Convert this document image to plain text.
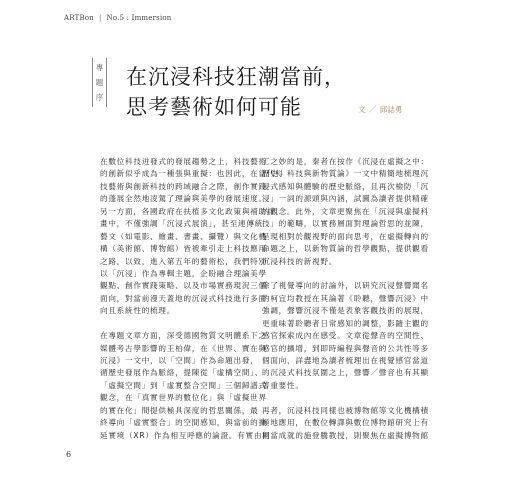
ARTBon | No.5 : Immersion
專
題
序
在沉浸科技狂潮當前，
思考藝術如何可能	文 ／ 邱誌勇
在數位科技迸發式的發展趨勢之上，科技藝術
的創新似乎成為一種張與重擬：也因此，在當代科
技藝術與創新科技的跨域融合之際，創作實踐
的蓬展全然地凌駕了理論與美學的發展速度。
另一方面，各國政府在扶植多文化政策與補助計
畫中，不僅強調「沉浸式展演」，甚至連傳統
藝文（如電影、繪畫、書畫、攝覽）與文化機
構（美術館、博物館）皆被牽引走上科技應用
之路。以致，進入第五年的藝術松，我們特別
以「沉浸」作為專輯主題，企盼融合理論美學
觀點、創作實踐策略、以及市場實務現況三個
面向，對當前漫天蓋地的沉浸式科技進行多面
向且系統性的梳理。
在專題文章方面，深受德國物質文明體系下之
媒體考古學影響的王柏偉，在《世界、寶在與
沉浸》一文中，以「空間」作為命題出發，
循歷史發展作為脈絡，提陳從「虛構空間」、
「虛擬空間」到「虛實整合空間」三個歸譜式
觀念，在「真實世界的數位化」與「虛擬世界
的實在化」間提供極具深度的哲思關係，最
終導向「虛實整合」的空間感知，與當前的擴
延實境（XR）作為相互呼應的論證。有實由同
工之妙的是，秦者在按作《沉浸在虛擬之中：
歷史、科技與新物質論》一文中精簡地梳理沉
浸式感知與體驗的歷史脈絡，且再次檢防「沉
浸」一詞的源頭與內涵，試圖為讀者提供精確
的觀念。此外，文章更聚焦在「沉浸與虛擬科
技」的範疇，以實務層面對理論哲思的並陳，
呈現相對於觀視野的面向思考，在虛擬轉向的
命題之上，以新物質論的哲學觀點，提供觀看
沉浸科技的新視野。
除了視覺導向的討論外，以研究沉浸聲響聞名
的柯宜均教授在其論著《聆聽，聲響沉浸》中
強調，聲響沉浸不僅是表象客觀技術的展現，
更重味著聆聽者日常感知的調整，影隨主觀的
感官探索成內在感受。文章從聲音的空間性、
感官的擴增，到即時編程與聲音的公共性等多
個面向，詳盡地為讀者梳理出在視覺感官當道
的沉浸式科技氛圍之上，聲響／聲音也有其顯
著重要性。
再者，沉浸科技同樣也被博物館等文化機構積
極地應用，在數位轉譯與數位博物館研究上有
相當成就的施登騰教授，則聚焦在虛擬博物館
6
